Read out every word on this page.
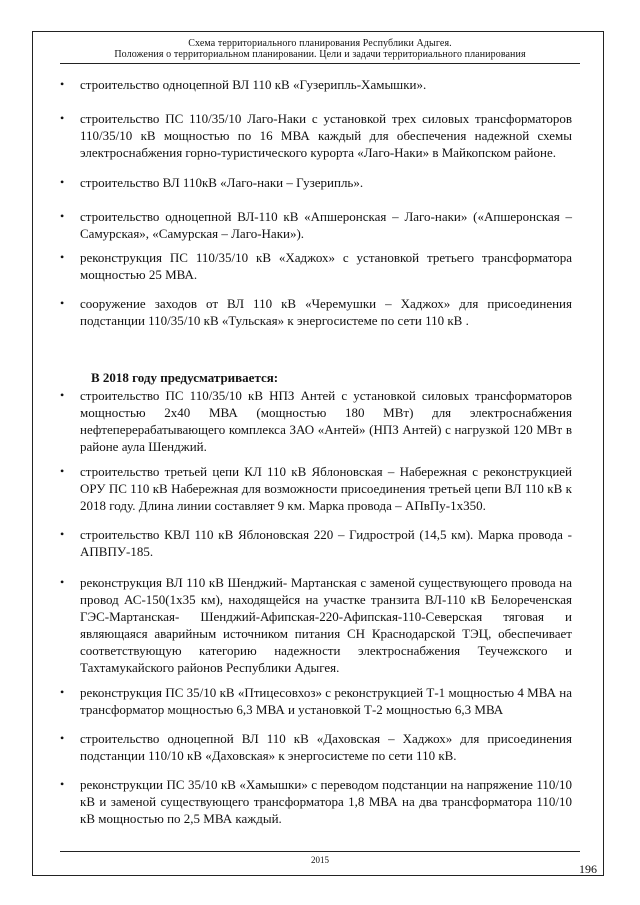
Схема территориального планирования Республики Адыгея.
Положения о территориальном планировании. Цели и задачи территориального планирования
• строительство одноцепной ВЛ 110 кВ «Гузерипль-Хамышки».
• строительство ПС 110/35/10 Лаго-Наки с установкой трех силовых трансформаторов 110/35/10 кВ мощностью по 16 МВА каждый для обеспечения надежной схемы электроснабжения горно-туристического курорта «Лаго-Наки» в Майкопском районе.
• строительство ВЛ 110кВ «Лаго-наки – Гузерипль».
• строительство одноцепной ВЛ-110 кВ «Апшеронская – Лаго-наки» («Апшеронская – Самурская», «Самурская – Лаго-Наки»).
• реконструкция ПС 110/35/10 кВ «Хаджох» с установкой третьего трансформатора мощностью 25 МВА.
• сооружение заходов от ВЛ 110 кВ «Черемушки – Хаджох» для присоединения подстанции 110/35/10 кВ «Тульская» к энергосистеме по сети 110 кВ .
В 2018 году предусматривается:
• строительство ПС 110/35/10 кВ НПЗ Антей с установкой силовых трансформаторов мощностью 2х40 МВА (мощностью 180 МВт) для электроснабжения нефтеперерабатывающего комплекса ЗАО «Антей» (НПЗ Антей) с нагрузкой 120 МВт в районе аула Шенджий.
• строительство третьей цепи КЛ 110 кВ Яблоновская – Набережная с реконструкцией ОРУ ПС 110 кВ Набережная для возможности присоединения третьей цепи ВЛ 110 кВ к 2018 году. Длина линии составляет 9 км. Марка провода – АПвПу-1х350.
• строительство КВЛ 110 кВ Яблоновская 220 – Гидрострой (14,5 км). Марка провода - АПВПУ-185.
• реконструкция ВЛ 110 кВ Шенджий- Мартанская с заменой существующего провода на провод АС-150(1х35 км), находящейся на участке транзита ВЛ-110 кВ Белореченская ГЭС-Мартанская- Шенджий-Афипская-220-Афипская-110-Северская тяговая и являющаяся аварийным источником питания СН Краснодарской ТЭЦ, обеспечивает соответствующую категорию надежности электроснабжения Теучежского и Тахтамукайского районов Республики Адыгея.
• реконструкция ПС 35/10 кВ «Птицесовхоз» с реконструкцией Т-1 мощностью 4 МВА на трансформатор мощностью 6,3 МВА и установкой Т-2 мощностью 6,3 МВА
• строительство одноцепной ВЛ 110 кВ «Даховская – Хаджох» для присоединения подстанции 110/10 кВ «Даховская» к энергосистеме по сети 110 кВ.
• реконструкции ПС 35/10 кВ «Хамышки» с переводом подстанции на напряжение 110/10 кВ и заменой существующего трансформатора 1,8 МВА на два трансформатора 110/10 кВ мощностью по 2,5 МВА каждый.
2015
196
